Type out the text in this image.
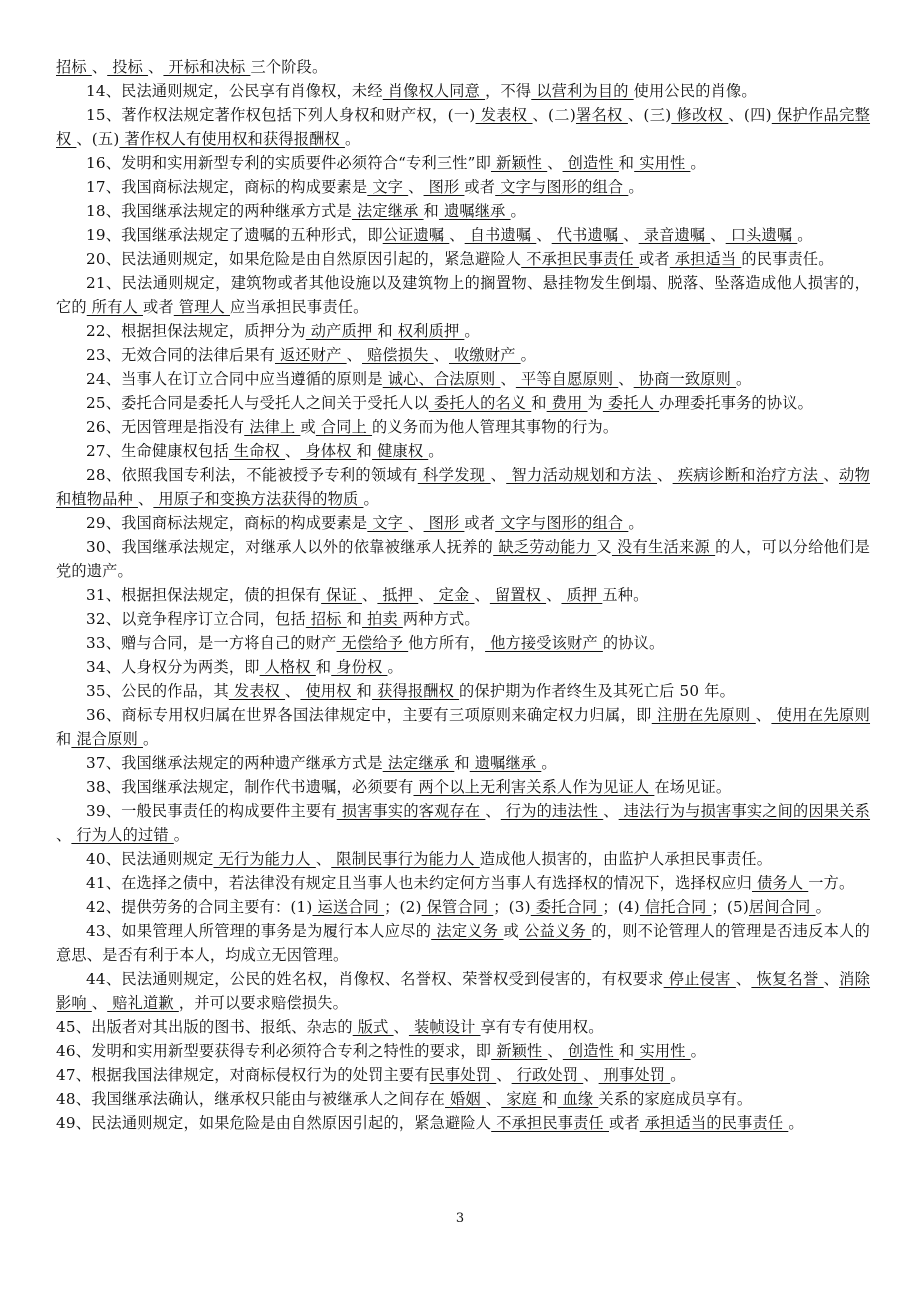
招标 、 投标 、 开标和决标 三个阶段。

14、民法通则规定，公民享有肖像权，未经 肖像权人同意 ，不得 以营利为目的 使用公民的肖像。

15、著作权法规定著作权包括下列人身权和财产权，(一) 发表权 、(二)署名权 、(三) 修改权 、(四) 保护作品完整权 、(五) 著作权人有使用权和获得报酬权 。

16、发明和实用新型专利的实质要件必须符合“专利三性”即 新颖性 、 创造性 和 实用性 。

17、我国商标法规定，商标的构成要素是 文字 、 图形 或者 文字与图形的组合 。

18、我国继承法规定的两种继承方式是 法定继承 和 遗嘱继承 。

19、我国继承法规定了遗嘱的五种形式，即公证遗嘱 、 自书遗嘱 、 代书遗嘱 、 录音遗嘱 、 口头遗嘱 。

20、民法通则规定，如果危险是由自然原因引起的，紧急避险人 不承担民事责任 或者 承担适当 的民事责任。

21、民法通则规定，建筑物或者其他设施以及建筑物上的搁置物、悬挂物发生倒塌、脱落、坠落造成他人损害的，它的 所有人 或者 管理人 应当承担民事责任。

22、根据担保法规定，质押分为 动产质押 和 权利质押 。

23、无效合同的法律后果有 返还财产 、 赔偿损失 、 收缴财产 。

24、当事人在订立合同中应当遵循的原则是 诚心、合法原则 、 平等自愿原则 、 协商一致原则 。

25、委托合同是委托人与受托人之间关于受托人以 委托人的名义 和 费用 为 委托人 办理委托事务的协议。

26、无因管理是指没有 法律上 或 合同上 的义务而为他人管理其事物的行为。

27、生命健康权包括 生命权 、 身体权 和 健康权 。

28、依照我国专利法，不能被授予专利的领域有 科学发现 、 智力活动规划和方法 、 疾病诊断和治疗方法 、动物和植物品种 、 用原子和变换方法获得的物质 。

29、我国商标法规定，商标的构成要素是 文字 、 图形 或者 文字与图形的组合 。

30、我国继承法规定，对继承人以外的依靠被继承人抚养的 缺乏劳动能力 又 没有生活来源 的人，可以分给他们是党的遗产。

31、根据担保法规定，债的担保有 保证 、 抵押 、 定金 、 留置权 、 质押 五种。

32、以竞争程序订立合同，包括 招标 和 拍卖 两种方式。

33、赠与合同，是一方将自己的财产 无偿给予 他方所有， 他方接受该财产 的协议。

34、人身权分为两类，即 人格权 和 身份权 。

35、公民的作品，其 发表权 、 使用权 和 获得报酬权 的保护期为作者终生及其死亡后 50 年。

36、商标专用权归属在世界各国法律规定中，主要有三项原则来确定权力归属，即 注册在先原则 、 使用在先原则 和 混合原则 。

37、我国继承法规定的两种遗产继承方式是 法定继承 和 遗嘱继承 。

38、我国继承法规定，制作代书遗嘱，必须要有 两个以上无利害关系人作为见证人 在场见证。

39、一般民事责任的构成要件主要有 损害事实的客观存在 、 行为的违法性 、 违法行为与损害事实之间的因果关系 、 行为人的过错 。

40、民法通则规定 无行为能力人 、 限制民事行为能力人 造成他人损害的，由监护人承担民事责任。

41、在选择之债中，若法律没有规定且当事人也未约定何方当事人有选择权的情况下，选择权应归 债务人 一方。

42、提供劳务的合同主要有：(1) 运送合同 ；(2) 保管合同 ；(3) 委托合同 ；(4) 信托合同 ；(5)居间合同 。

43、如果管理人所管理的事务是为履行本人应尽的 法定义务 或 公益义务 的，则不论管理人的管理是否违反本人的意思、是否有利于本人，均成立无因管理。

44、民法通则规定，公民的姓名权，肖像权、名誉权、荣誉权受到侵害的，有权要求 停止侵害 、 恢复名誉 、消除影响 、 赔礼道歉 ，并可以要求赔偿损失。

45、出版者对其出版的图书、报纸、杂志的 版式 、 装帧设计 享有专有使用权。

46、发明和实用新型要获得专利必须符合专利之特性的要求，即 新颖性 、 创造性 和 实用性 。

47、根据我国法律规定，对商标侵权行为的处罚主要有民事处罚 、 行政处罚 、 刑事处罚 。

48、我国继承法确认，继承权只能由与被继承人之间存在 婚姻 、 家庭 和 血缘 关系的家庭成员享有。

49、民法通则规定，如果危险是由自然原因引起的，紧急避险人 不承担民事责任 或者 承担适当的民事责任 。

3
